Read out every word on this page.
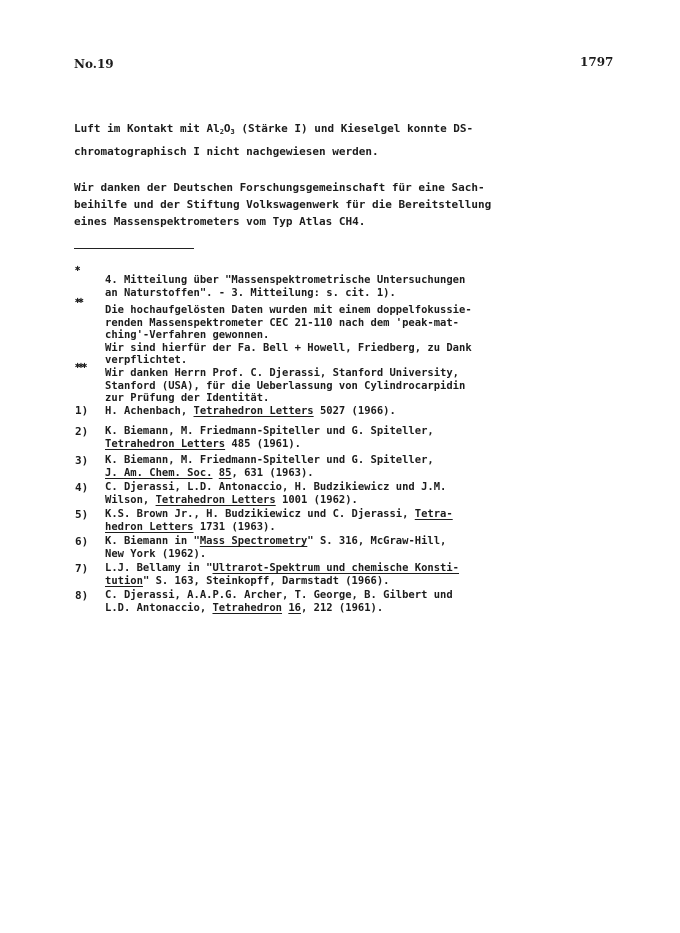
No.19	1797
Luft im Kontakt mit $Al_2O_3$ (Stärke I) und Kieselgel konnte DS-
chromatographisch I nicht nachgewiesen werden.
Wir danken der Deutschen Forschungsgemeinschaft für eine Sach-
beihilfe und der Stiftung Volkswagenwerk für die Bereitstellung
eines Massenspektrometers vom Typ Atlas CH4.
✱
4. Mitteilung über "Massenspektrometrische Untersuchungen
an Naturstoffen". - 3. Mitteilung: s. cit. 1).
✱✱
Die hochaufgelösten Daten wurden mit einem doppelfokussie-
renden Massenspektrometer CEC 21-110 nach dem 'peak-mat-
ching'-Verfahren gewonnen.
Wir sind hierfür der Fa. Bell + Howell, Friedberg, zu Dank
verpflichtet.
✱✱✱
Wir danken Herrn Prof. C. Djerassi, Stanford University,
Stanford (USA), für die Ueberlassung von Cylindrocarpidin
zur Prüfung der Identität.
1) H. Achenbach, Tetrahedron Letters 5027 (1966).
2) K. Biemann, M. Friedmann-Spiteller und G. Spiteller,
Tetrahedron Letters 485 (1961).
3) K. Biemann, M. Friedmann-Spiteller und G. Spiteller,
J. Am. Chem. Soc. 85, 631 (1963).
4) C. Djerassi, L.D. Antonaccio, H. Budzikiewicz und J.M.
Wilson, Tetrahedron Letters 1001 (1962).
5) K.S. Brown Jr., H. Budzikiewicz und C. Djerassi, Tetra-
hedron Letters 1731 (1963).
6) K. Biemann in "Mass Spectrometry" S. 316, McGraw-Hill,
New York (1962).
7) L.J. Bellamy in "Ultrarot-Spektrum und chemische Konsti-
tution" S. 163, Steinkopff, Darmstadt (1966).
8) C. Djerassi, A.A.P.G. Archer, T. George, B. Gilbert und
L.D. Antonaccio, Tetrahedron 16, 212 (1961).
